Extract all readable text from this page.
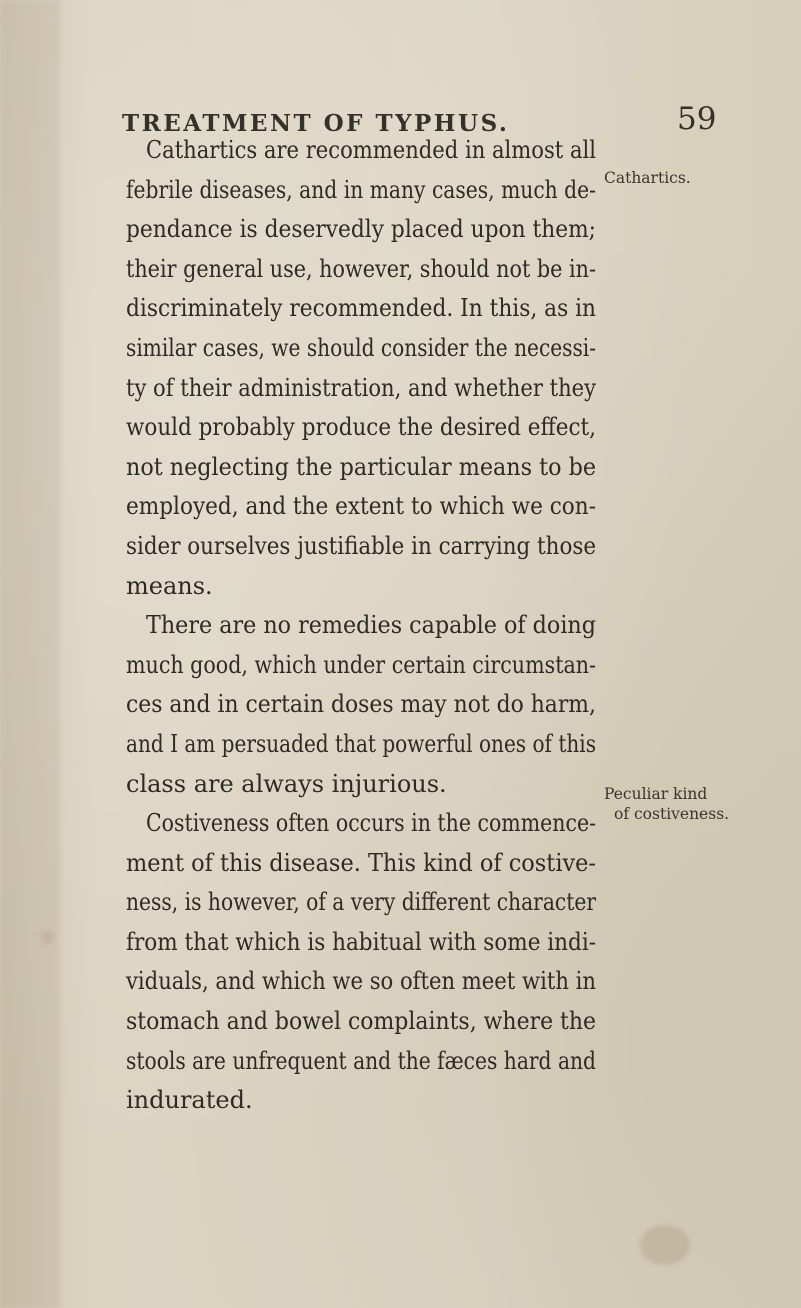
TREATMENT OF TYPHUS.	59
Cathartics.
Peculiar kind
of costiveness.
Cathartics are recommended in almost all
febrile diseases, and in many cases, much de-
pendance is deservedly placed upon them;
their general use, however, should not be in-
discriminately recommended. In this, as in
similar cases, we should consider the necessi-
ty of their administration, and whether they
would probably produce the desired effect,
not neglecting the particular means to be
employed, and the extent to which we con-
sider ourselves justifiable in carrying those
means.
There are no remedies capable of doing
much good, which under certain circumstan-
ces and in certain doses may not do harm,
and I am persuaded that powerful ones of this
class are always injurious.
Costiveness often occurs in the commence-
ment of this disease. This kind of costive-
ness, is however, of a very different character
from that which is habitual with some indi-
viduals, and which we so often meet with in
stomach and bowel complaints, where the
stools are unfrequent and the fæces hard and
indurated.
